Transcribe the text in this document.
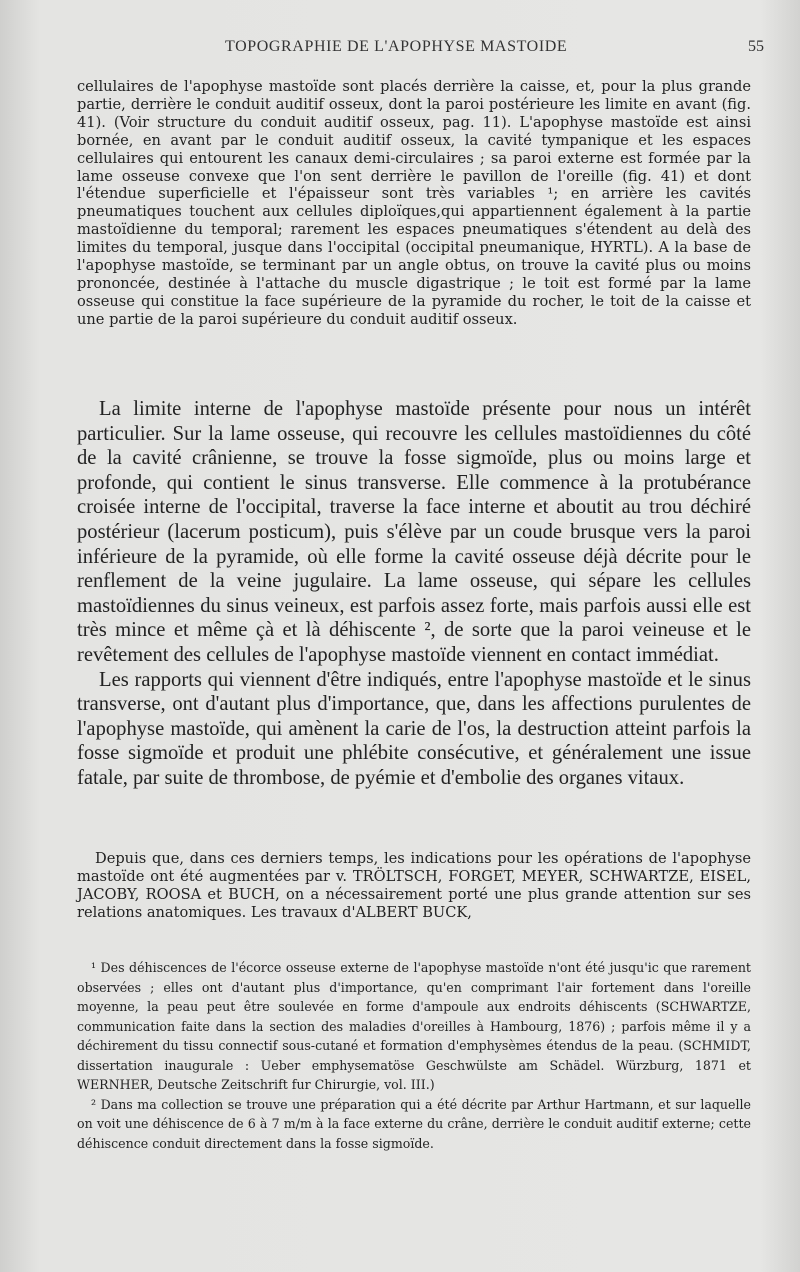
TOPOGRAPHIE DE L'APOPHYSE MASTOIDE	55

cellulaires de l'apophyse mastoïde sont placés derrière la caisse, et, pour la plus grande partie, derrière le conduit auditif osseux, dont la paroi postérieure les limite en avant (fig. 41). (Voir structure du conduit auditif osseux, pag. 11). L'apophyse mastoïde est ainsi bornée, en avant par le conduit auditif osseux, la cavité tympanique et les espaces cellulaires qui entourent les canaux demi-circulaires ; sa paroi externe est formée par la lame osseuse convexe que l'on sent derrière le pavillon de l'oreille (fig. 41) et dont l'étendue superficielle et l'épaisseur sont très variables ¹; en arrière les cavités pneumatiques touchent aux cellules diploïques,qui appartiennent également à la partie mastoïdienne du temporal; rarement les espaces pneumatiques s'étendent au delà des limites du temporal, jusque dans l'occipital (occipital pneumanique, HYRTL). A la base de l'apophyse mastoïde, se terminant par un angle obtus, on trouve la cavité plus ou moins prononcée, destinée à l'attache du muscle digastrique ; le toit est formé par la lame osseuse qui constitue la face supérieure de la pyramide du rocher, le toit de la caisse et une partie de la paroi supérieure du conduit auditif osseux.

La limite interne de l'apophyse mastoïde présente pour nous un intérêt particulier. Sur la lame osseuse, qui recouvre les cellules mastoïdiennes du côté de la cavité crânienne, se trouve la fosse sigmoïde, plus ou moins large et profonde, qui contient le sinus transverse. Elle commence à la protubérance croisée interne de l'occipital, traverse la face interne et aboutit au trou déchiré postérieur (lacerum posticum), puis s'élève par un coude brusque vers la paroi inférieure de la pyramide, où elle forme la cavité osseuse déjà décrite pour le renflement de la veine jugulaire. La lame osseuse, qui sépare les cellules mastoïdiennes du sinus veineux, est parfois assez forte, mais parfois aussi elle est très mince et même çà et là déhiscente ², de sorte que la paroi veineuse et le revêtement des cellules de l'apophyse mastoïde viennent en contact immédiat.

Les rapports qui viennent d'être indiqués, entre l'apophyse mastoïde et le sinus transverse, ont d'autant plus d'importance, que, dans les affections purulentes de l'apophyse mastoïde, qui amènent la carie de l'os, la destruction atteint parfois la fosse sigmoïde et produit une phlébite consécutive, et généralement une issue fatale, par suite de thrombose, de pyémie et d'embolie des organes vitaux.

Depuis que, dans ces derniers temps, les indications pour les opérations de l'apophyse mastoïde ont été augmentées par v. TRÖLTSCH, FORGET, MEYER, SCHWARTZE, EISEL, JACOBY, ROOSA et BUCH, on a nécessairement porté une plus grande attention sur ses relations anatomiques. Les travaux d'ALBERT BUCK,

¹ Des déhiscences de l'écorce osseuse externe de l'apophyse mastoïde n'ont été jusqu'ic que rarement observées ; elles ont d'autant plus d'importance, qu'en comprimant l'air fortement dans l'oreille moyenne, la peau peut être soulevée en forme d'ampoule aux endroits déhiscents (SCHWARTZE, communication faite dans la section des maladies d'oreilles à Hambourg, 1876) ; parfois même il y a déchirement du tissu connectif sous-cutané et formation d'emphysèmes étendus de la peau. (SCHMIDT, dissertation inaugurale : Ueber emphysematöse Geschwülste am Schädel. Würzburg, 1871 et WERNHER, Deutsche Zeitschrift fur Chirurgie, vol. III.)

² Dans ma collection se trouve une préparation qui a été décrite par Arthur Hartmann, et sur laquelle on voit une déhiscence de 6 à 7 m/m à la face externe du crâne, derrière le conduit auditif externe; cette déhiscence conduit directement dans la fosse sigmoïde.
